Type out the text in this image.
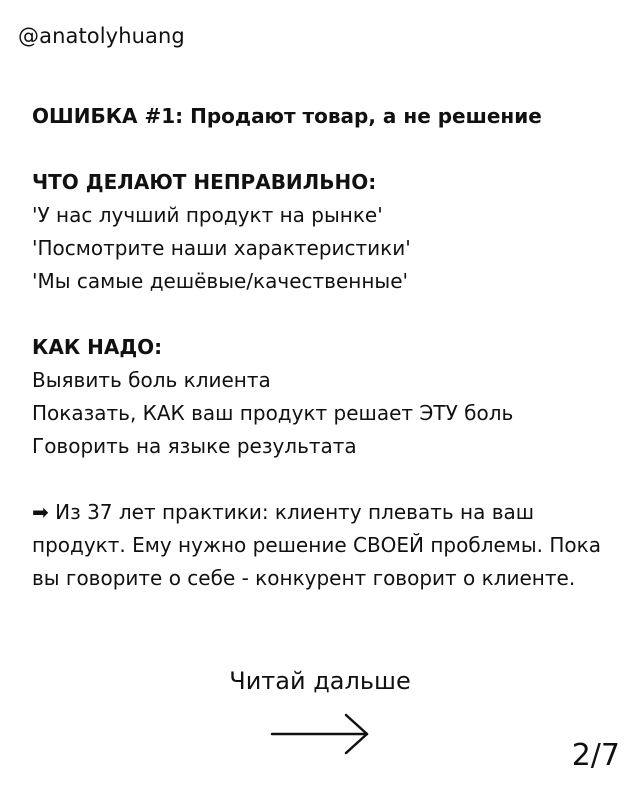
@anatolyhuang

ОШИБКА #1: Продают товар, а не решение

ЧТО ДЕЛАЮТ НЕПРАВИЛЬНО:

'У нас лучший продукт на рынке'

'Посмотрите наши характеристики'

'Мы самые дешёвые/качественные'

КАК НАДО:

Выявить боль клиента

Показать, КАК ваш продукт решает ЭТУ боль

Говорить на языке результата

➡ Из 37 лет практики: клиенту плевать на ваш продукт. Ему нужно решение СВОЕЙ проблемы. Пока вы говорите о себе - конкурент говорит о клиенте.

Читай дальше
2/7
